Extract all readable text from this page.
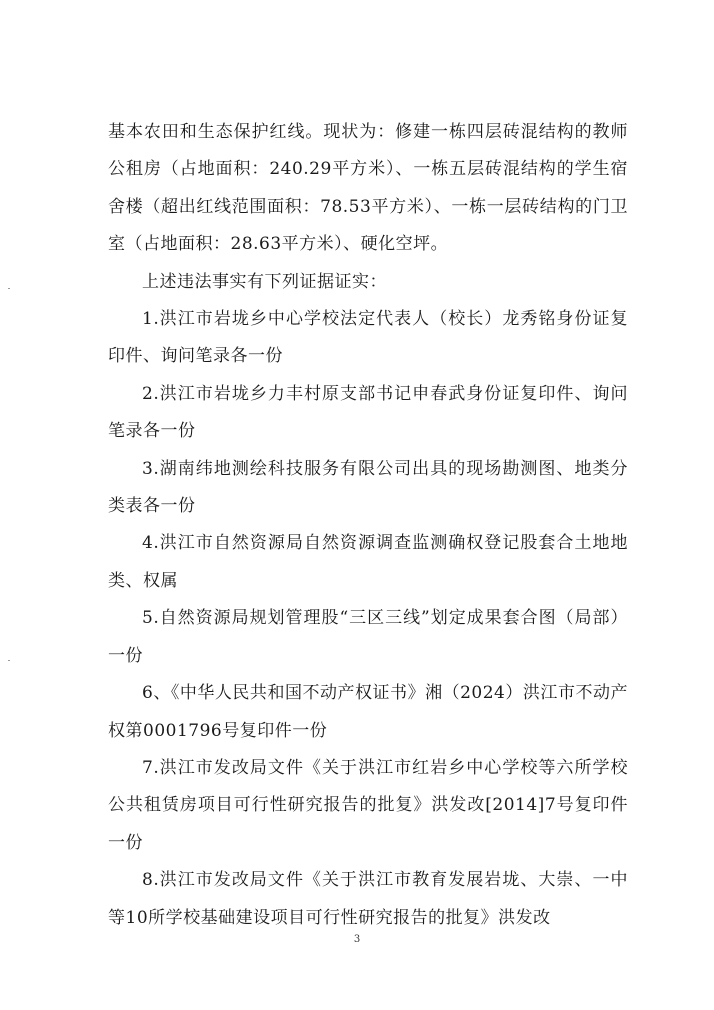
基本农田和生态保护红线。现状为：修建一栋四层砖混结构的教师公租房（占地面积：240.29平方米）、一栋五层砖混结构的学生宿舍楼（超出红线范围面积：78.53平方米）、一栋一层砖结构的门卫室（占地面积：28.63平方米）、硬化空坪。

上述违法事实有下列证据证实：

1.洪江市岩垅乡中心学校法定代表人（校长）龙秀铭身份证复印件、询问笔录各一份

2.洪江市岩垅乡力丰村原支部书记申春武身份证复印件、询问笔录各一份

3.湖南纬地测绘科技服务有限公司出具的现场勘测图、地类分类表各一份

4.洪江市自然资源局自然资源调查监测确权登记股套合土地地类、权属

5.自然资源局规划管理股“三区三线”划定成果套合图（局部）一份

6、《中华人民共和国不动产权证书》湘（2024）洪江市不动产权第0001796号复印件一份

7.洪江市发改局文件《关于洪江市红岩乡中心学校等六所学校公共租赁房项目可行性研究报告的批复》洪发改[2014]7号复印件一份

8.洪江市发改局文件《关于洪江市教育发展岩垅、大崇、一中等10所学校基础建设项目可行性研究报告的批复》洪发改

3
